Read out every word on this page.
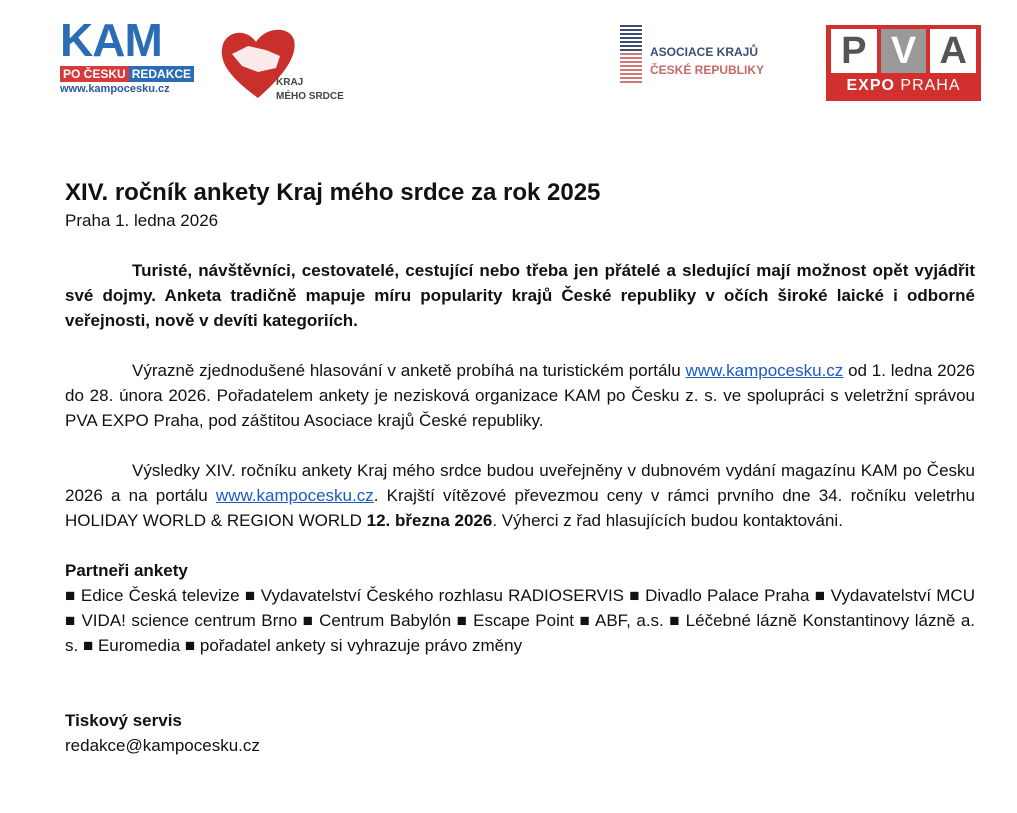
KAM
PO ČESKU REDAKCE
www.kampocesku.cz
KRAJ
MÉHO SRDCE
ASOCIACE KRAJŮ
ČESKÉ REPUBLIKY P V A
EXPO PRAHA
XIV. ročník ankety Kraj mého srdce za rok 2025
Praha 1. ledna 2026

Turisté, návštěvníci, cestovatelé, cestující nebo třeba jen přátelé a sledující mají možnost opět vyjádřit své dojmy. Anketa tradičně mapuje míru popularity krajů České republiky v očích široké laické i odborné veřejnosti, nově v devíti kategoriích.

Výrazně zjednodušené hlasování v anketě probíhá na turistickém portálu www.kampocesku.cz od 1. ledna 2026 do 28. února 2026. Pořadatelem ankety je nezisková organizace KAM po Česku z. s. ve spolupráci s veletržní správou PVA EXPO Praha, pod záštitou Asociace krajů České republiky.

Výsledky XIV. ročníku ankety Kraj mého srdce budou uveřejněny v dubnovém vydání magazínu KAM po Česku 2026 a na portálu www.kampocesku.cz. Krajští vítězové převezmou ceny v rámci prvního dne 34. ročníku veletrhu HOLIDAY WORLD & REGION WORLD 12. března 2026. Výherci z řad hlasujících budou kontaktováni.

Partneři ankety

■ Edice Česká televize ■ Vydavatelství Českého rozhlasu RADIOSERVIS ■ Divadlo Palace Praha ■ Vydavatelství MCU ■ VIDA! science centrum Brno ■ Centrum Babylón ■ Escape Point ■ ABF, a.s. ■ Léčebné lázně Konstantinovy lázně a. s. ■ Euromedia ■ pořadatel ankety si vyhrazuje právo změny

Tiskový servis

redakce@kampocesku.cz
